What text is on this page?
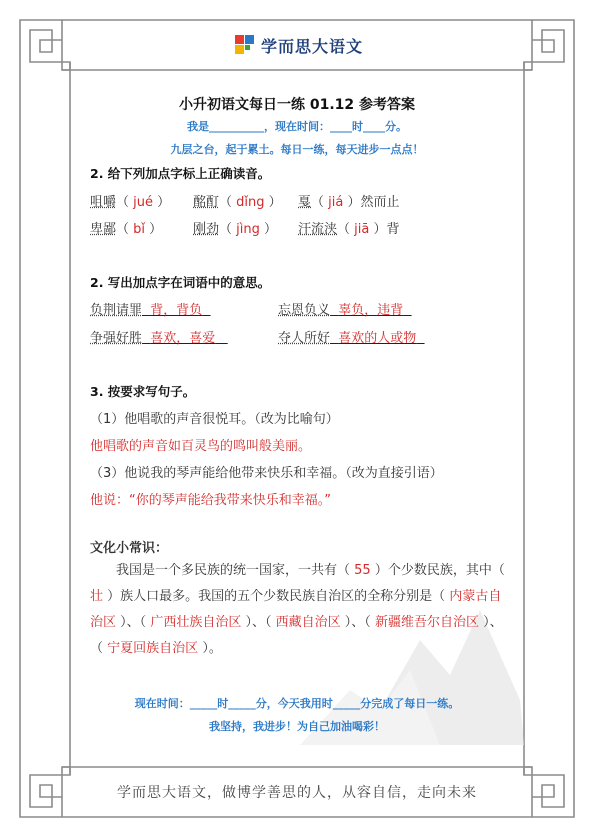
学而思大语文
小升初语文每日一练 01.12 参考答案
我是__________，现在时间：____时____分。
九层之台，起于累土。每日一练，每天进步一点点！
2. 给下列加点字标上正确读音。
咀嚼（ jué ） 酩酊（ dǐng ） 戛（ jiá ）然而止
卑鄙（ bǐ ） 刚劲（ jìng ） 汗流浃（ jiā ）背
2. 写出加点字在词语中的意思。
负荆请罪 背，背负	忘恩负义 辜负，违背
争强好胜 喜欢，喜爱	夺人所好 喜欢的人或物
3. 按要求写句子。
（1）他唱歌的声音很悦耳。（改为比喻句）
他唱歌的声音如百灵鸟的鸣叫般美丽。
（3）他说我的琴声能给他带来快乐和幸福。（改为直接引语）
他说：“你的琴声能给我带来快乐和幸福。”
文化小常识：
我国是一个多民族的统一国家，一共有（ 55 ）个少数民族，其中（ 壮 ）族人口最多。我国的五个少数民族自治区的全称分别是（ 内蒙古自治区 ）、（ 广西壮族自治区 ）、（ 西藏自治区 ）、（ 新疆维吾尔自治区 ）、（ 宁夏回族自治区 ）。
现在时间：_____时_____分，今天我用时_____分完成了每日一练。
我坚持，我进步！为自己加油喝彩！
学而思大语文，做博学善思的人，从容自信，走向未来
